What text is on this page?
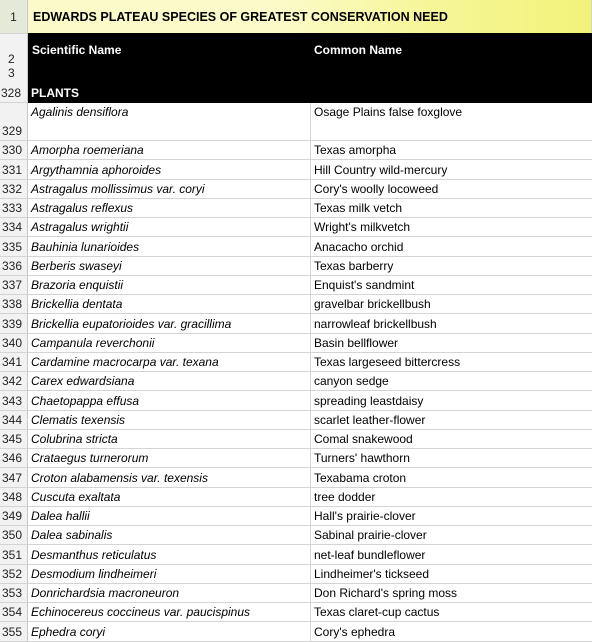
1	EDWARDS PLATEAU SPECIES OF GREATEST CONSERVATION NEED
2
3
Scientific Name	Common Name
328 PLANTS
329
Agalinis densiflora	Osage Plains false foxglove
330 Amorpha roemeriana	Texas amorpha
331 Argythamnia aphoroides	Hill Country wild-mercury
332 Astragalus mollissimus var. coryi	Cory's woolly locoweed
333 Astragalus reflexus	Texas milk vetch
334 Astragalus wrightii	Wright's milkvetch
335 Bauhinia lunarioides	Anacacho orchid
336 Berberis swaseyi	Texas barberry
337 Brazoria enquistii	Enquist's sandmint
338 Brickellia dentata	gravelbar brickellbush
339 Brickellia eupatorioides var. gracillima	narrowleaf brickellbush
340 Campanula reverchonii	Basin bellflower
341 Cardamine macrocarpa var. texana	Texas largeseed bittercress
342 Carex edwardsiana	canyon sedge
343 Chaetopappa effusa	spreading leastdaisy
344 Clematis texensis	scarlet leather-flower
345 Colubrina stricta	Comal snakewood
346 Crataegus turnerorum	Turners' hawthorn
347 Croton alabamensis var. texensis	Texabama croton
348 Cuscuta exaltata	tree dodder
349 Dalea hallii	Hall's prairie-clover
350 Dalea sabinalis	Sabinal prairie-clover
351 Desmanthus reticulatus	net-leaf bundleflower
352 Desmodium lindheimeri	Lindheimer's tickseed
353 Donrichardsia macroneuron	Don Richard's spring moss
354 Echinocereus coccineus var. paucispinus	Texas claret-cup cactus
355 Ephedra coryi	Cory's ephedra
